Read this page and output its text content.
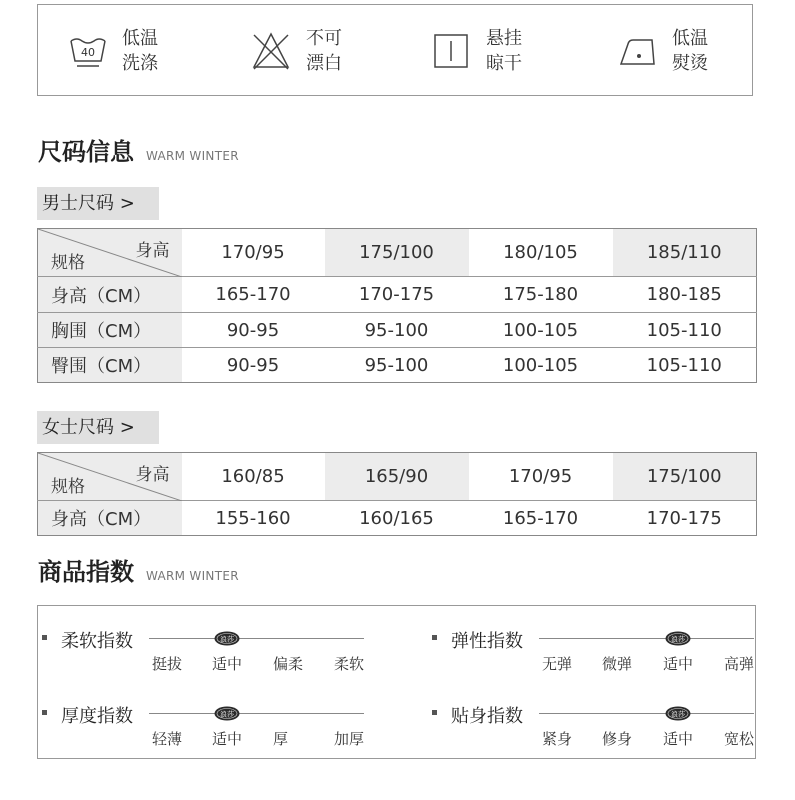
40
低温
洗涤
不可
漂白
悬挂
晾干
低温
熨烫
尺码信息 WARM WINTER
男士尺码 >
身高
规格	170/95	175/100	180/105	185/110
身高（CM）	165-170	170-175	175-180	180-185
胸围（CM）	90-95	95-100	100-105	105-110
臀围（CM）	90-95	95-100	100-105	105-110
女士尺码 >
身高
规格	160/85	165/90	170/95	175/100
身高（CM）	155-160	160/165	165-170	170-175
商品指数 WARM WINTER
柔软指数
挺拔 适中 偏柔 柔软
浪莎	弹性指数
无弹 微弹 适中 高弹
浪莎
厚度指数
轻薄 适中 厚	加厚
浪莎	贴身指数
紧身 修身 适中 宽松
浪莎
